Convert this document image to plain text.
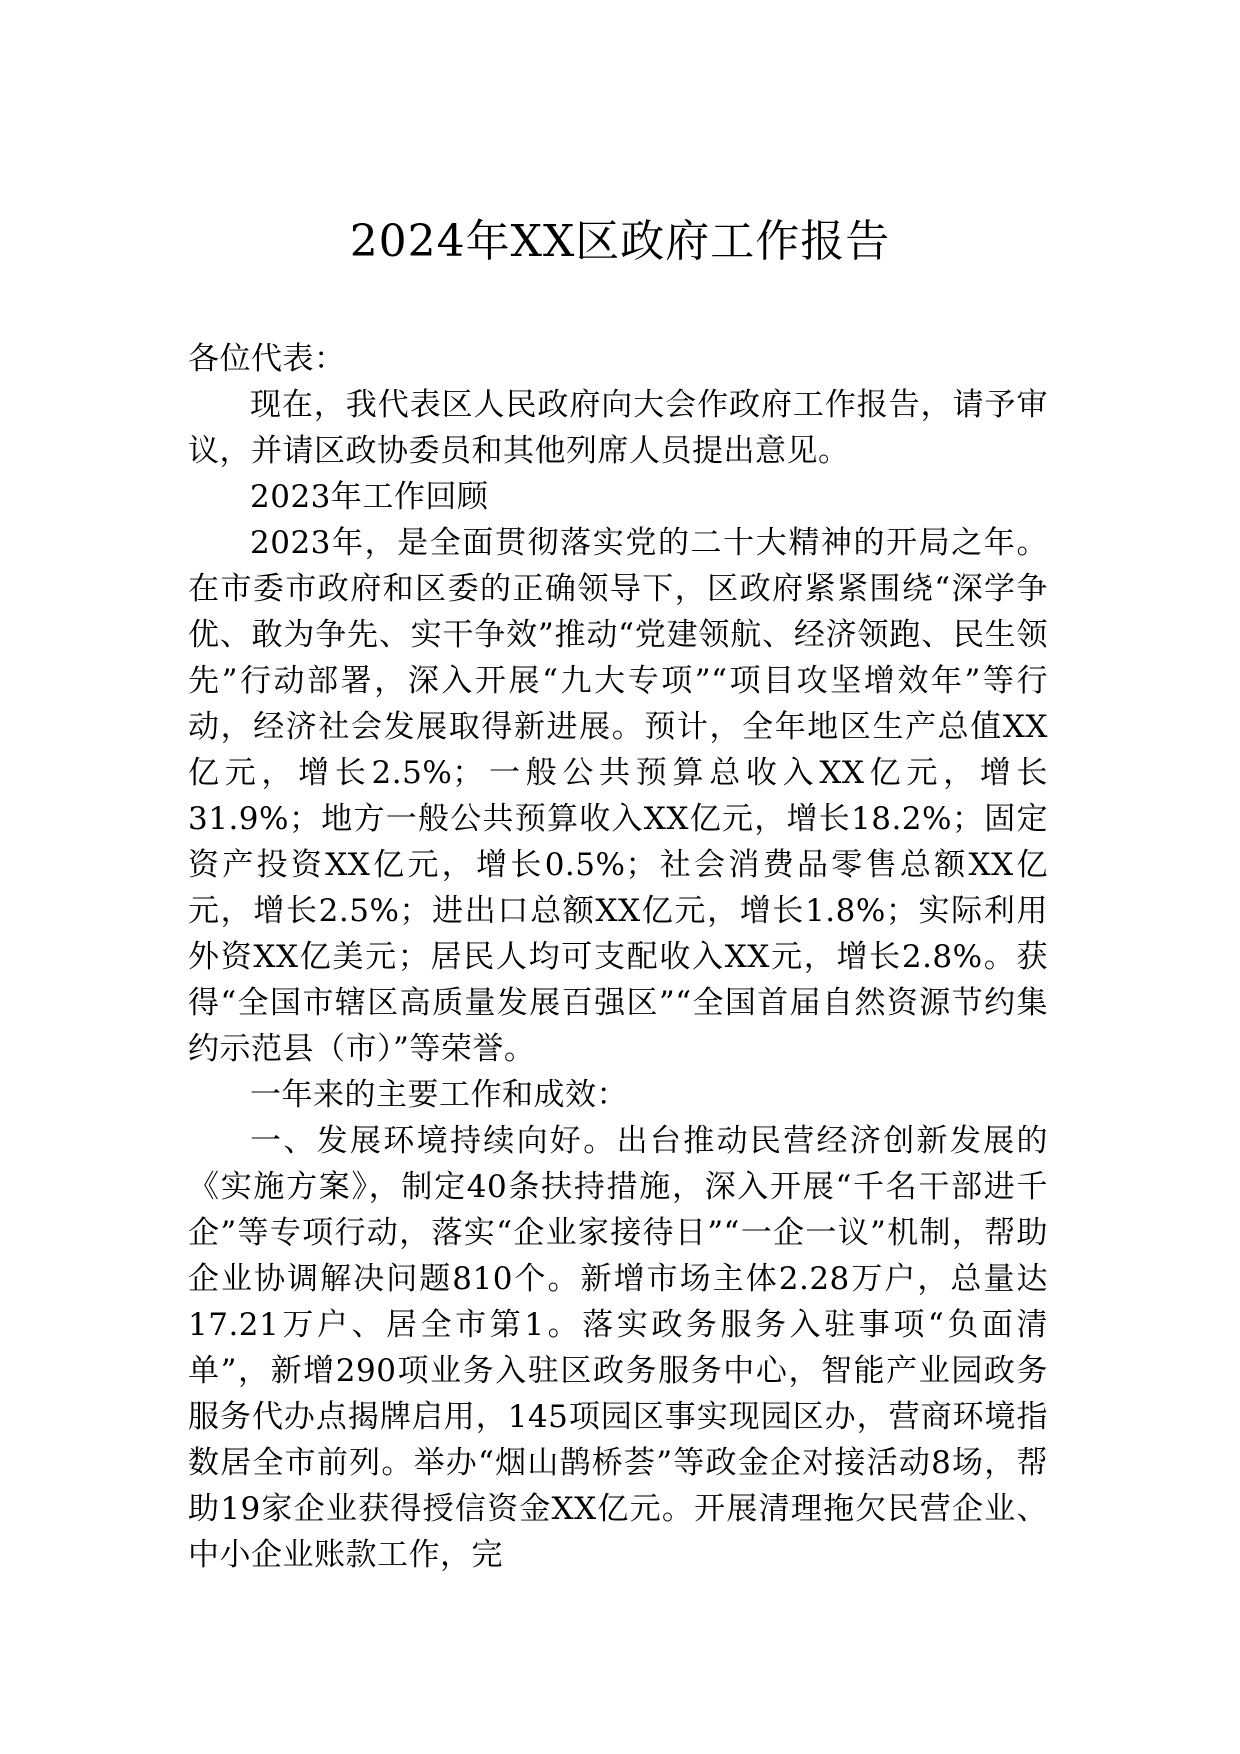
2024年XX区政府工作报告

各位代表：

现在，我代表区人民政府向大会作政府工作报告，请予审议，并请区政协委员和其他列席人员提出意见。

2023年工作回顾

2023年，是全面贯彻落实党的二十大精神的开局之年。在市委市政府和区委的正确领导下，区政府紧紧围绕“深学争优、敢为争先、实干争效”推动“党建领航、经济领跑、民生领先”行动部署，深入开展“九大专项”“项目攻坚增效年”等行动，经济社会发展取得新进展。预计，全年地区生产总值XX亿元，增长2.5%；一般公共预算总收入XX亿元，增长31.9%；地方一般公共预算收入XX亿元，增长18.2%；固定资产投资XX亿元，增长0.5%；社会消费品零售总额XX亿元，增长2.5%；进出口总额XX亿元，增长1.8%；实际利用外资XX亿美元；居民人均可支配收入XX元，增长2.8%。获得“全国市辖区高质量发展百强区”“全国首届自然资源节约集约示范县（市）”等荣誉。

一年来的主要工作和成效：

一、发展环境持续向好。出台推动民营经济创新发展的《实施方案》，制定40条扶持措施，深入开展“千名干部进千企”等专项行动，落实“企业家接待日”“一企一议”机制，帮助企业协调解决问题810个。新增市场主体2.28万户，总量达17.21万户、居全市第1。落实政务服务入驻事项“负面清单”，新增290项业务入驻区政务服务中心，智能产业园政务服务代办点揭牌启用，145项园区事实现园区办，营商环境指数居全市前列。举办“烟山鹊桥荟”等政金企对接活动8场，帮助19家企业获得授信资金XX亿元。开展清理拖欠民营企业、中小企业账款工作，完
